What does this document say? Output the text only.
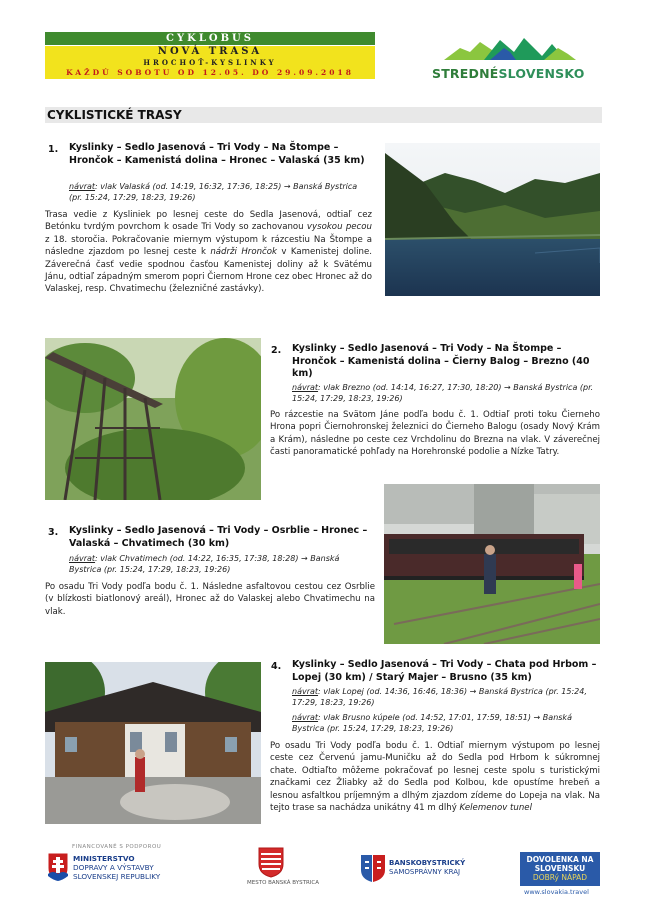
CYKLOBUS
NOVÁ TRASA
HROCHOŤ-KYSLINKY
KAŽDÚ SOBOTU OD 12.05. DO 29.09.2018	STREDNÉSLOVENSKO
CYKLISTICKÉ TRASY
1. Kyslinky – Sedlo Jasenová – Tri Vody – Na Štompe – Hrončok – Kamenistá dolina – Hronec – Valaská (35 km)
návrat: vlak Valaská (od. 14:19, 16:32, 17:36, 18:25) → Banská Bystrica (pr. 15:24, 17:29, 18:23, 19:26)
Trasa vedie z Kysliniek po lesnej ceste do Sedla Jasenová, odtiaľ cez Betónku tvrdým povrchom k osade Tri Vody so zachovanou vysokou pecou z 18. storočia. Pokračovanie miernym výstupom k rázcestiu Na Štompe a následne zjazdom po lesnej ceste k nádrži Hrončok v Kamenistej doline. Záverečná časť vedie spodnou časťou Kamenistej doliny až k Svätému Jánu, odtiaľ západným smerom popri Čiernom Hrone cez obec Hronec až do Valaskej, resp. Chvatimechu (železničné zastávky).
2. Kyslinky – Sedlo Jasenová – Tri Vody – Na Štompe – Hrončok – Kamenistá dolina – Čierny Balog – Brezno (40 km)
návrat: vlak Brezno (od. 14:14, 16:27, 17:30, 18:20) → Banská Bystrica (pr. 15:24, 17:29, 18:23, 19:26)
Po rázcestie na Svätom Jáne podľa bodu č. 1. Odtiaľ proti toku Čierneho Hrona popri Čiernohronskej železnici do Čierneho Balogu (osady Nový Krám a Krám), následne po ceste cez Vrchdolinu do Brezna na vlak. V záverečnej časti panoramatické pohľady na Horehronské podolie a Nízke Tatry.
3. Kyslinky – Sedlo Jasenová – Tri Vody – Osrblie – Hronec – Valaská – Chvatimech (30 km)
návrat: vlak Chvatimech (od. 14:22, 16:35, 17:38, 18:28) → Banská Bystrica (pr. 15:24, 17:29, 18:23, 19:26)
Po osadu Tri Vody podľa bodu č. 1. Následne asfaltovou cestou cez Osrblie (v blízkosti biatlonový areál), Hronec až do Valaskej alebo Chvatimechu na vlak.
4. Kyslinky – Sedlo Jasenová – Tri Vody – Chata pod Hrbom – Lopej (30 km) / Starý Majer – Brusno (35 km)
návrat: vlak Lopej (od. 14:36, 16:46, 18:36) → Banská Bystrica (pr. 15:24, 17:29, 18:23, 19:26)
návrat: vlak Brusno kúpele (od. 14:52, 17:01, 17:59, 18:51) → Banská Bystrica (pr. 15:24, 17:29, 18:23, 19:26)
Po osadu Tri Vody podľa bodu č. 1. Odtiaľ miernym výstupom po lesnej ceste cez Červenú jamu-Muničku až do Sedla pod Hrbom k súkromnej chate. Odtiaľto môžeme pokračovať po lesnej ceste spolu s turistickými značkami cez Žliabky až do Sedla pod Kolbou, kde opustíme hrebeň a lesnou asfaltkou príjemným a dlhým zjazdom zídeme do Lopeja na vlak. Na tejto trase sa nachádza unikátny 41 m dlhý Kelemenov tunel
FINANCOVANÉ S PODPOROU
MINISTERSTVO
DOPRAVY A VÝSTAVBY
SLOVENSKEJ REPUBLIKY
MESTO BANSKÁ BYSTRICA
BANSKOBYSTRICKÝ
SAMOSPRÁVNY KRAJ
DOVOLENKA NA
SLOVENSKU
DOBRý NÁPAD
www.slovakia.travel
